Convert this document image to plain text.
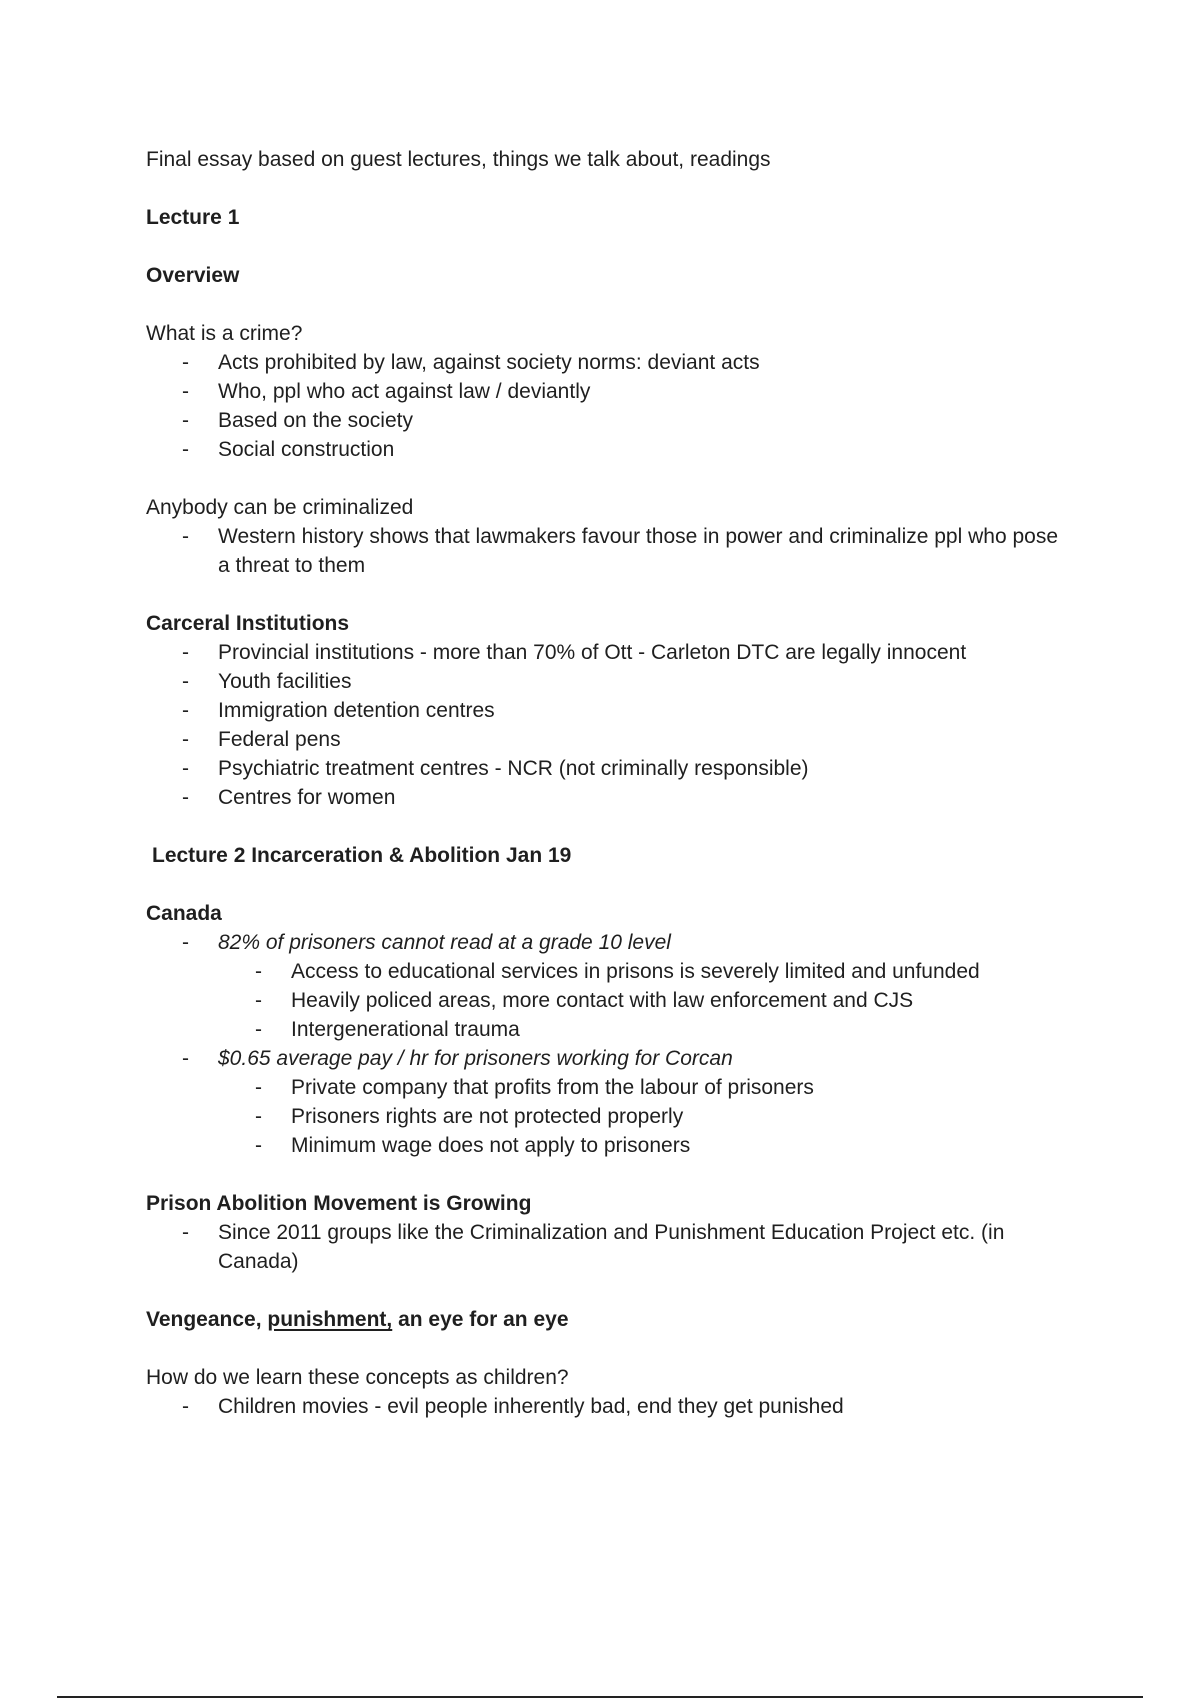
Final essay based on guest lectures, things we talk about, readings

Lecture 1

Overview

What is a crime?

- Acts prohibited by law, against society norms: deviant acts
- Who, ppl who act against law / deviantly
- Based on the society
- Social construction

Anybody can be criminalized

- Western history shows that lawmakers favour those in power and criminalize ppl who pose a threat to them

Carceral Institutions

- Provincial institutions - more than 70% of Ott - Carleton DTC are legally innocent
- Youth facilities
- Immigration detention centres
- Federal pens
- Psychiatric treatment centres - NCR (not criminally responsible)
- Centres for women

Lecture 2 Incarceration & Abolition Jan 19

Canada

- 82% of prisoners cannot read at a grade 10 level
- Access to educational services in prisons is severely limited and unfunded
- Heavily policed areas, more contact with law enforcement and CJS
- Intergenerational trauma
- $0.65 average pay / hr for prisoners working for Corcan
- Private company that profits from the labour of prisoners
- Prisoners rights are not protected properly
- Minimum wage does not apply to prisoners

Prison Abolition Movement is Growing

- Since 2011 groups like the Criminalization and Punishment Education Project etc. (in Canada)

Vengeance, punishment, an eye for an eye

How do we learn these concepts as children?

- Children movies - evil people inherently bad, end they get punished
